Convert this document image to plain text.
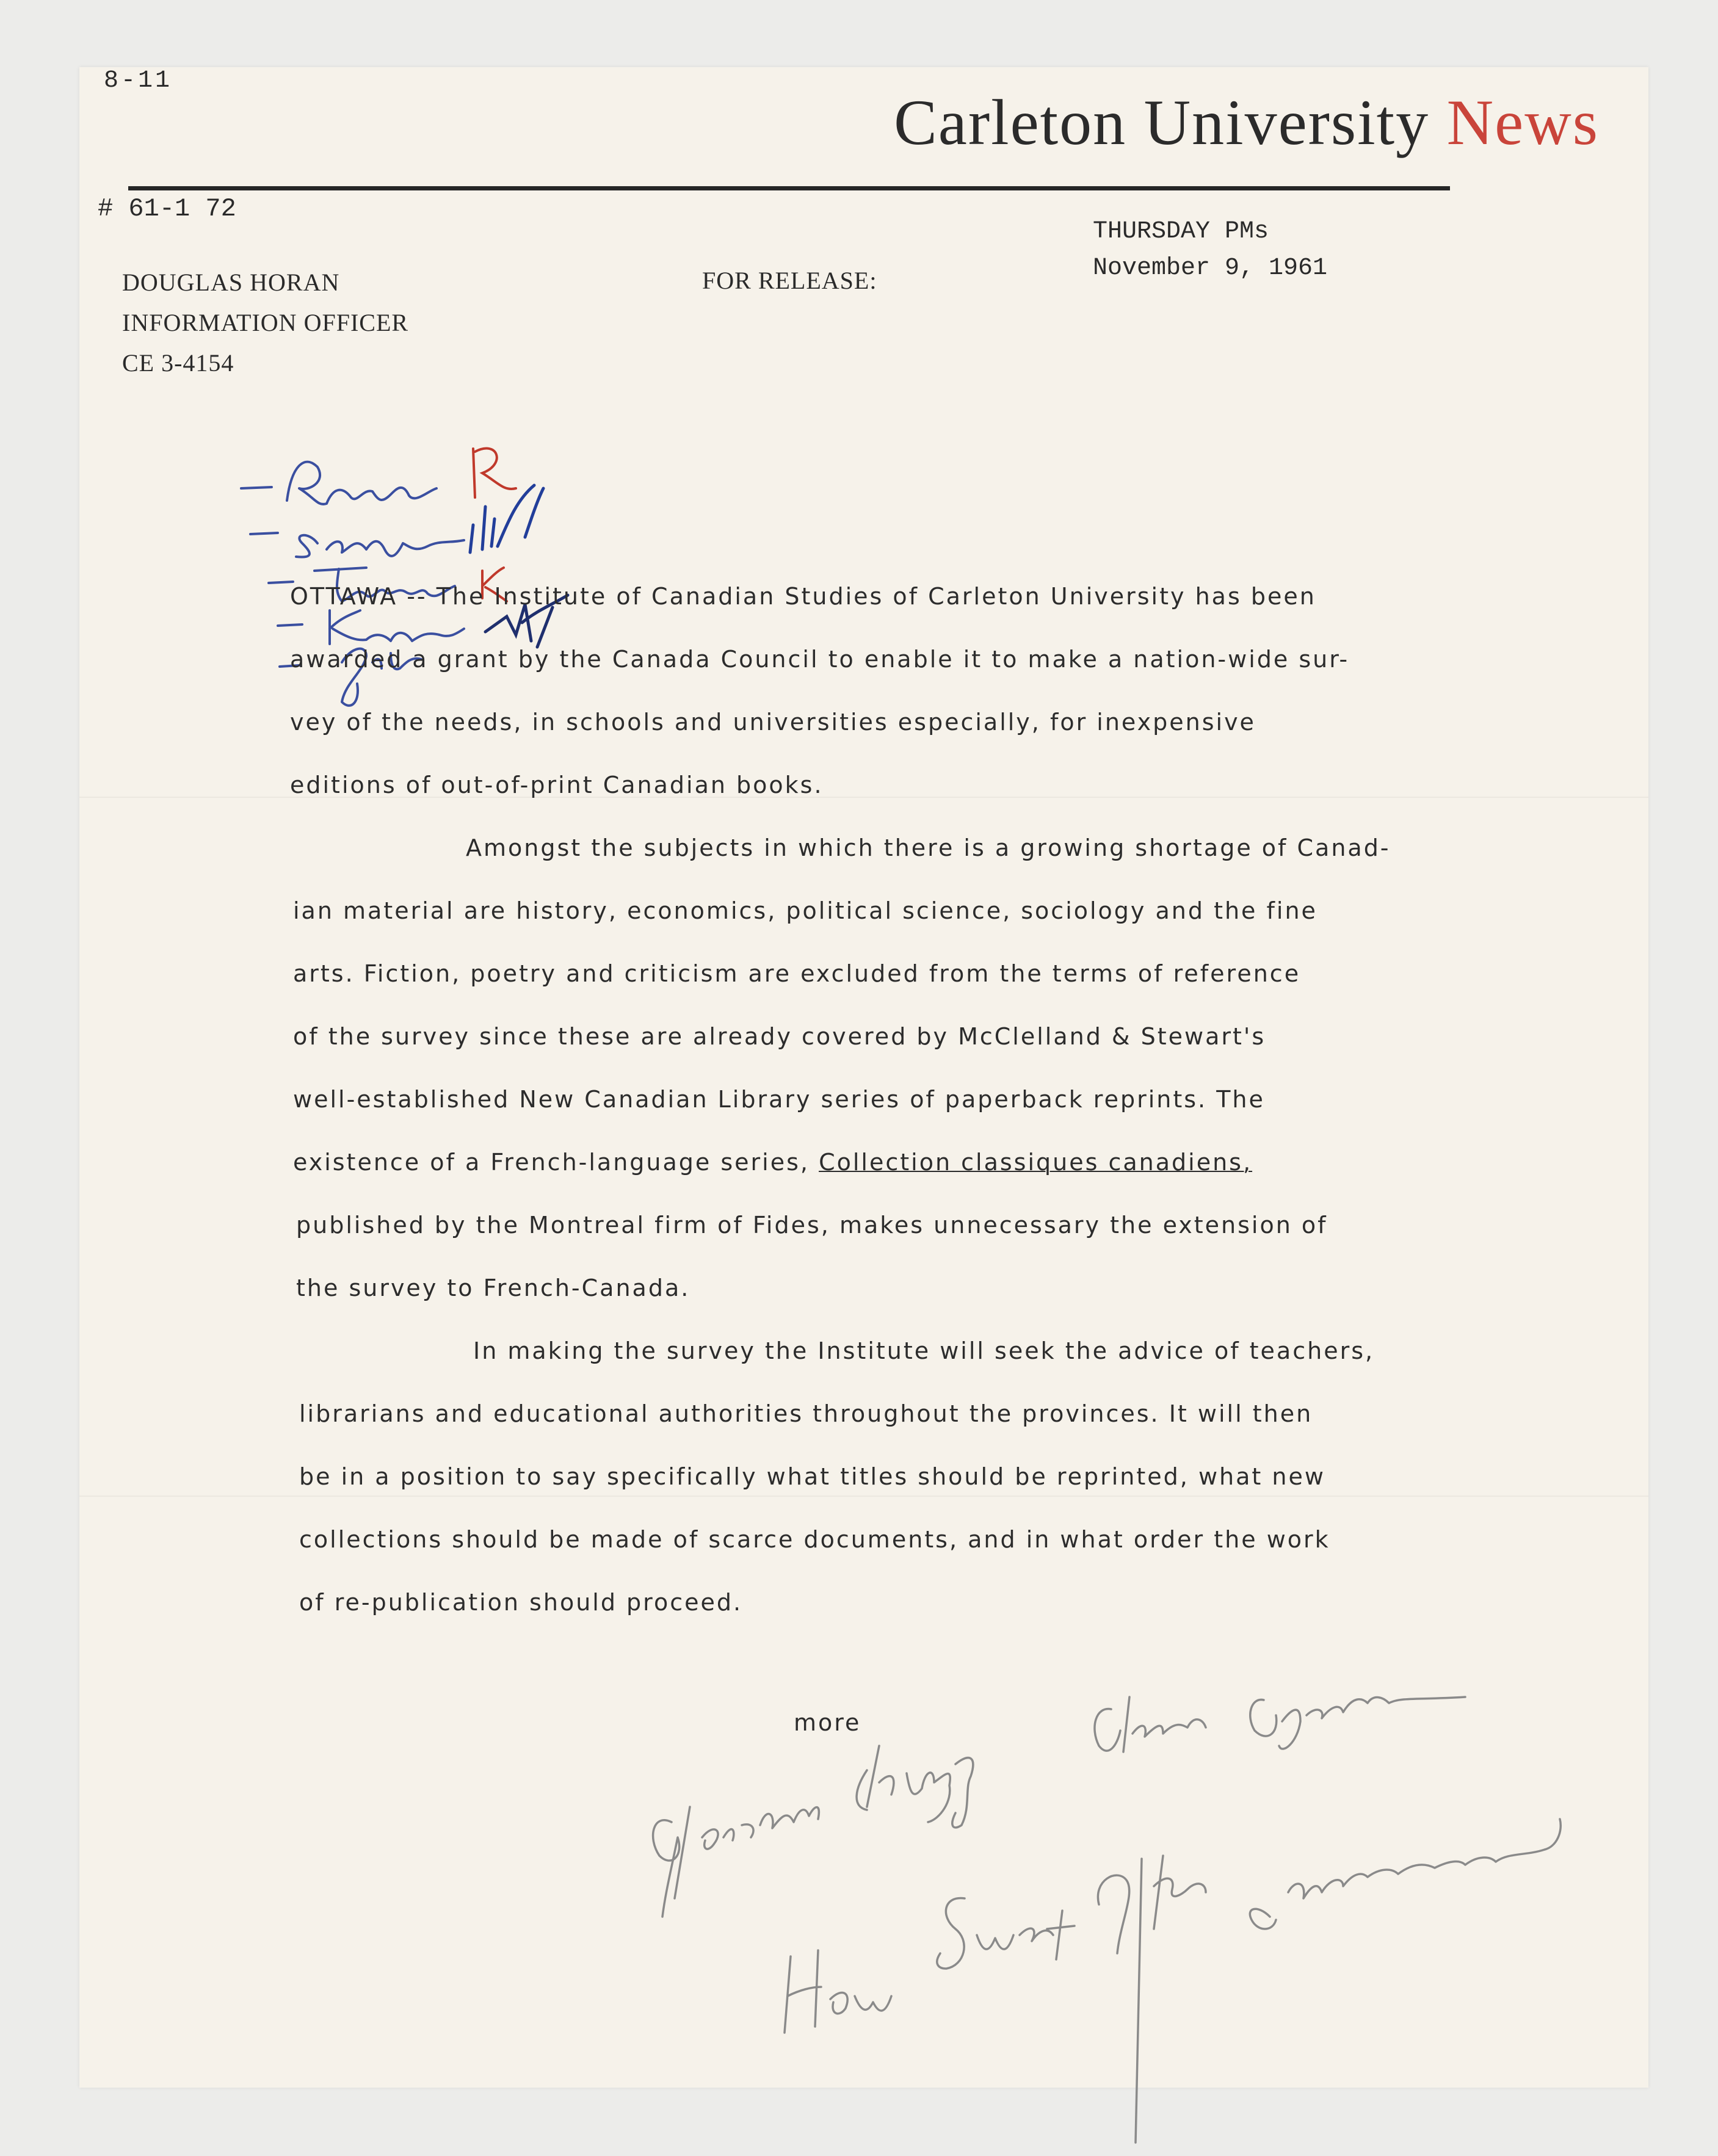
8-11
Carleton University News
# 61-1 72
DOUGLAS HORAN
INFORMATION OFFICER
CE 3-4154
FOR RELEASE:
THURSDAY PMs
November 9, 1961
OTTAWA -- The Institute of Canadian Studies of Carleton University has been
awarded a grant by the Canada Council to enable it to make a nation-wide sur-
vey of the needs, in schools and universities especially, for inexpensive
editions of out-of-print Canadian books.
Amongst the subjects in which there is a growing shortage of Canad-
ian material are history, economics, political science, sociology and the fine
arts. Fiction, poetry and criticism are excluded from the terms of reference
of the survey since these are already covered by McClelland & Stewart's
well-established New Canadian Library series of paperback reprints. The
existence of a French-language series, Collection classiques canadiens,
published by the Montreal firm of Fides, makes unnecessary the extension of
the survey to French-Canada.
In making the survey the Institute will seek the advice of teachers,
librarians and educational authorities throughout the provinces. It will then
be in a position to say specifically what titles should be reprinted, what new
collections should be made of scarce documents, and in what order the work
of re-publication should proceed.
more
